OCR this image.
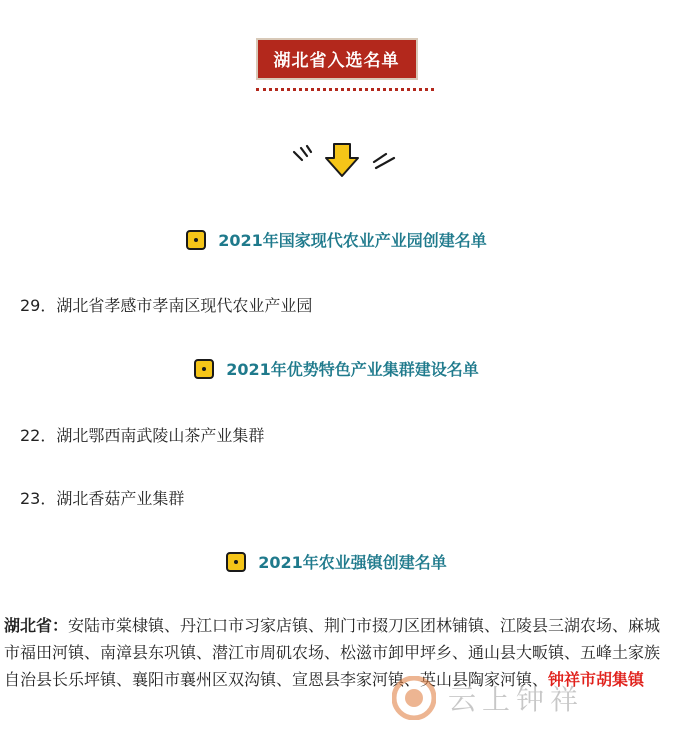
湖北省入选名单
2021年国家现代农业产业园创建名单
29．湖北省孝感市孝南区现代农业产业园
2021年优势特色产业集群建设名单
22．湖北鄂西南武陵山茶产业集群
23．湖北香菇产业集群
2021年农业强镇创建名单

湖北省：安陆市棠棣镇、丹江口市习家店镇、荆门市掇刀区团林铺镇、江陵县三湖农场、麻城市福田河镇、南漳县东巩镇、潜江市周矶农场、松滋市卸甲坪乡、通山县大畈镇、五峰土家族自治县长乐坪镇、襄阳市襄州区双沟镇、宣恩县李家河镇、英山县陶家河镇、钟祥市胡集镇

云上钟祥
